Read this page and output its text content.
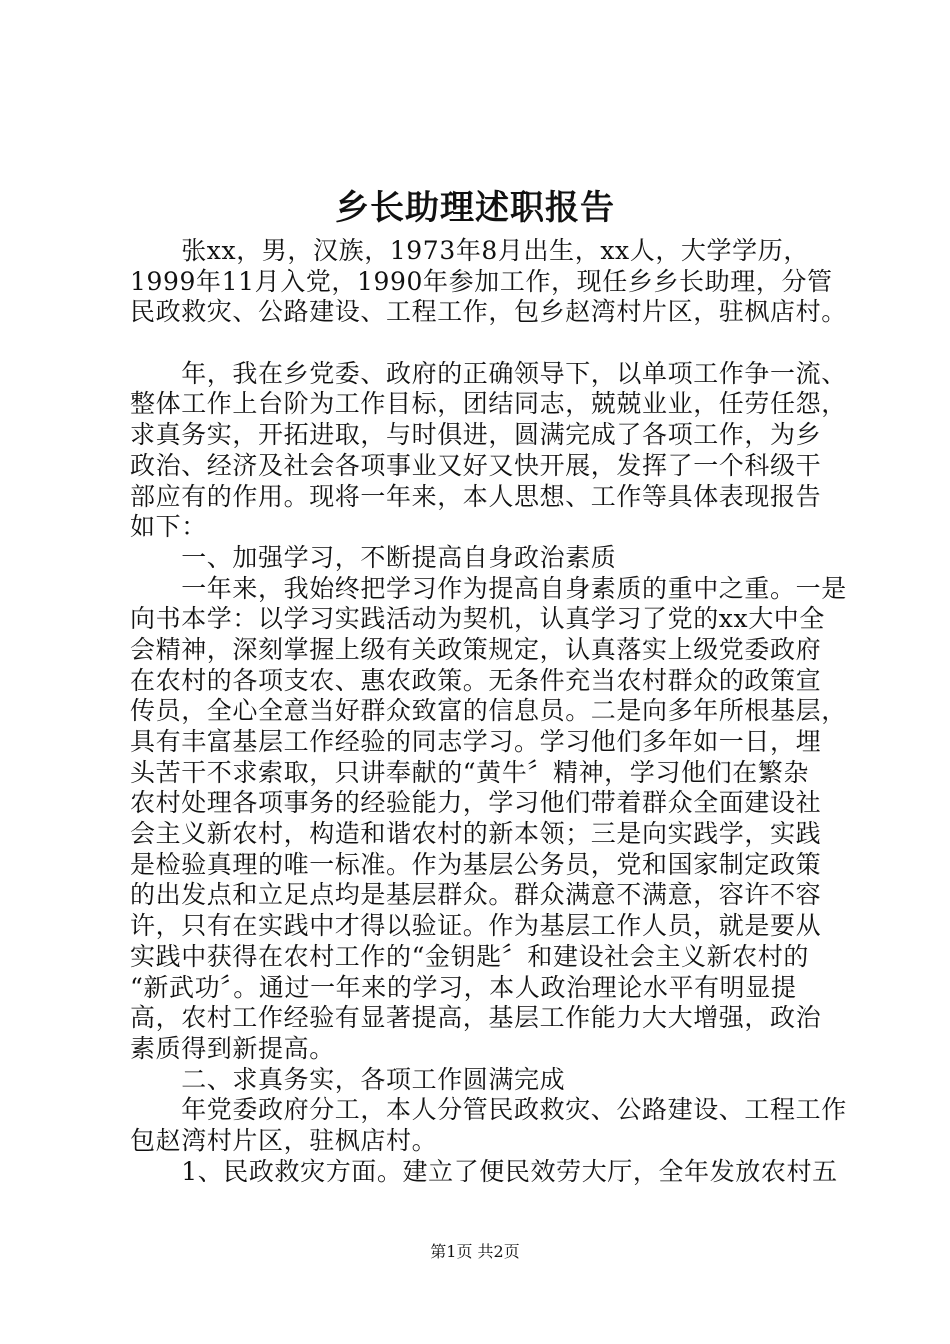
乡长助理述职报告
　　张xx，男，汉族，1973年8月出生，xx人，大学学历，
1999年11月入党，1990年参加工作，现任乡乡长助理，分管
民政救灾、公路建设、工程工作，包乡赵湾村片区，驻枫店村。
　　年，我在乡党委、政府的正确领导下，以单项工作争一流、
整体工作上台阶为工作目标，团结同志，兢兢业业，任劳任怨，
求真务实，开拓进取，与时俱进，圆满完成了各项工作，为乡
政治、经济及社会各项事业又好又快开展，发挥了一个科级干
部应有的作用。现将一年来，本人思想、工作等具体表现报告
如下：
　　一、加强学习，不断提高自身政治素质
　　一年来，我始终把学习作为提高自身素质的重中之重。一是
向书本学：以学习实践活动为契机，认真学习了党的xx大中全
会精神，深刻掌握上级有关政策规定，认真落实上级党委政府
在农村的各项支农、惠农政策。无条件充当农村群众的政策宣
传员，全心全意当好群众致富的信息员。二是向多年所根基层，
具有丰富基层工作经验的同志学习。学习他们多年如一日，埋
头苦干不求索取，只讲奉献的“黄牛〞精神，学习他们在繁杂
农村处理各项事务的经验能力，学习他们带着群众全面建设社
会主义新农村，构造和谐农村的新本领；三是向实践学，实践
是检验真理的唯一标准。作为基层公务员，党和国家制定政策
的出发点和立足点均是基层群众。群众满意不满意，容许不容
许，只有在实践中才得以验证。作为基层工作人员，就是要从
实践中获得在农村工作的“金钥匙〞和建设社会主义新农村的
“新武功〞。通过一年来的学习，本人政治理论水平有明显提
高，农村工作经验有显著提高，基层工作能力大大增强，政治
素质得到新提高。
　　二、求真务实，各项工作圆满完成
　　年党委政府分工，本人分管民政救灾、公路建设、工程工作
包赵湾村片区，驻枫店村。
　　1、民政救灾方面。建立了便民效劳大厅，全年发放农村五
第1页 共2页
